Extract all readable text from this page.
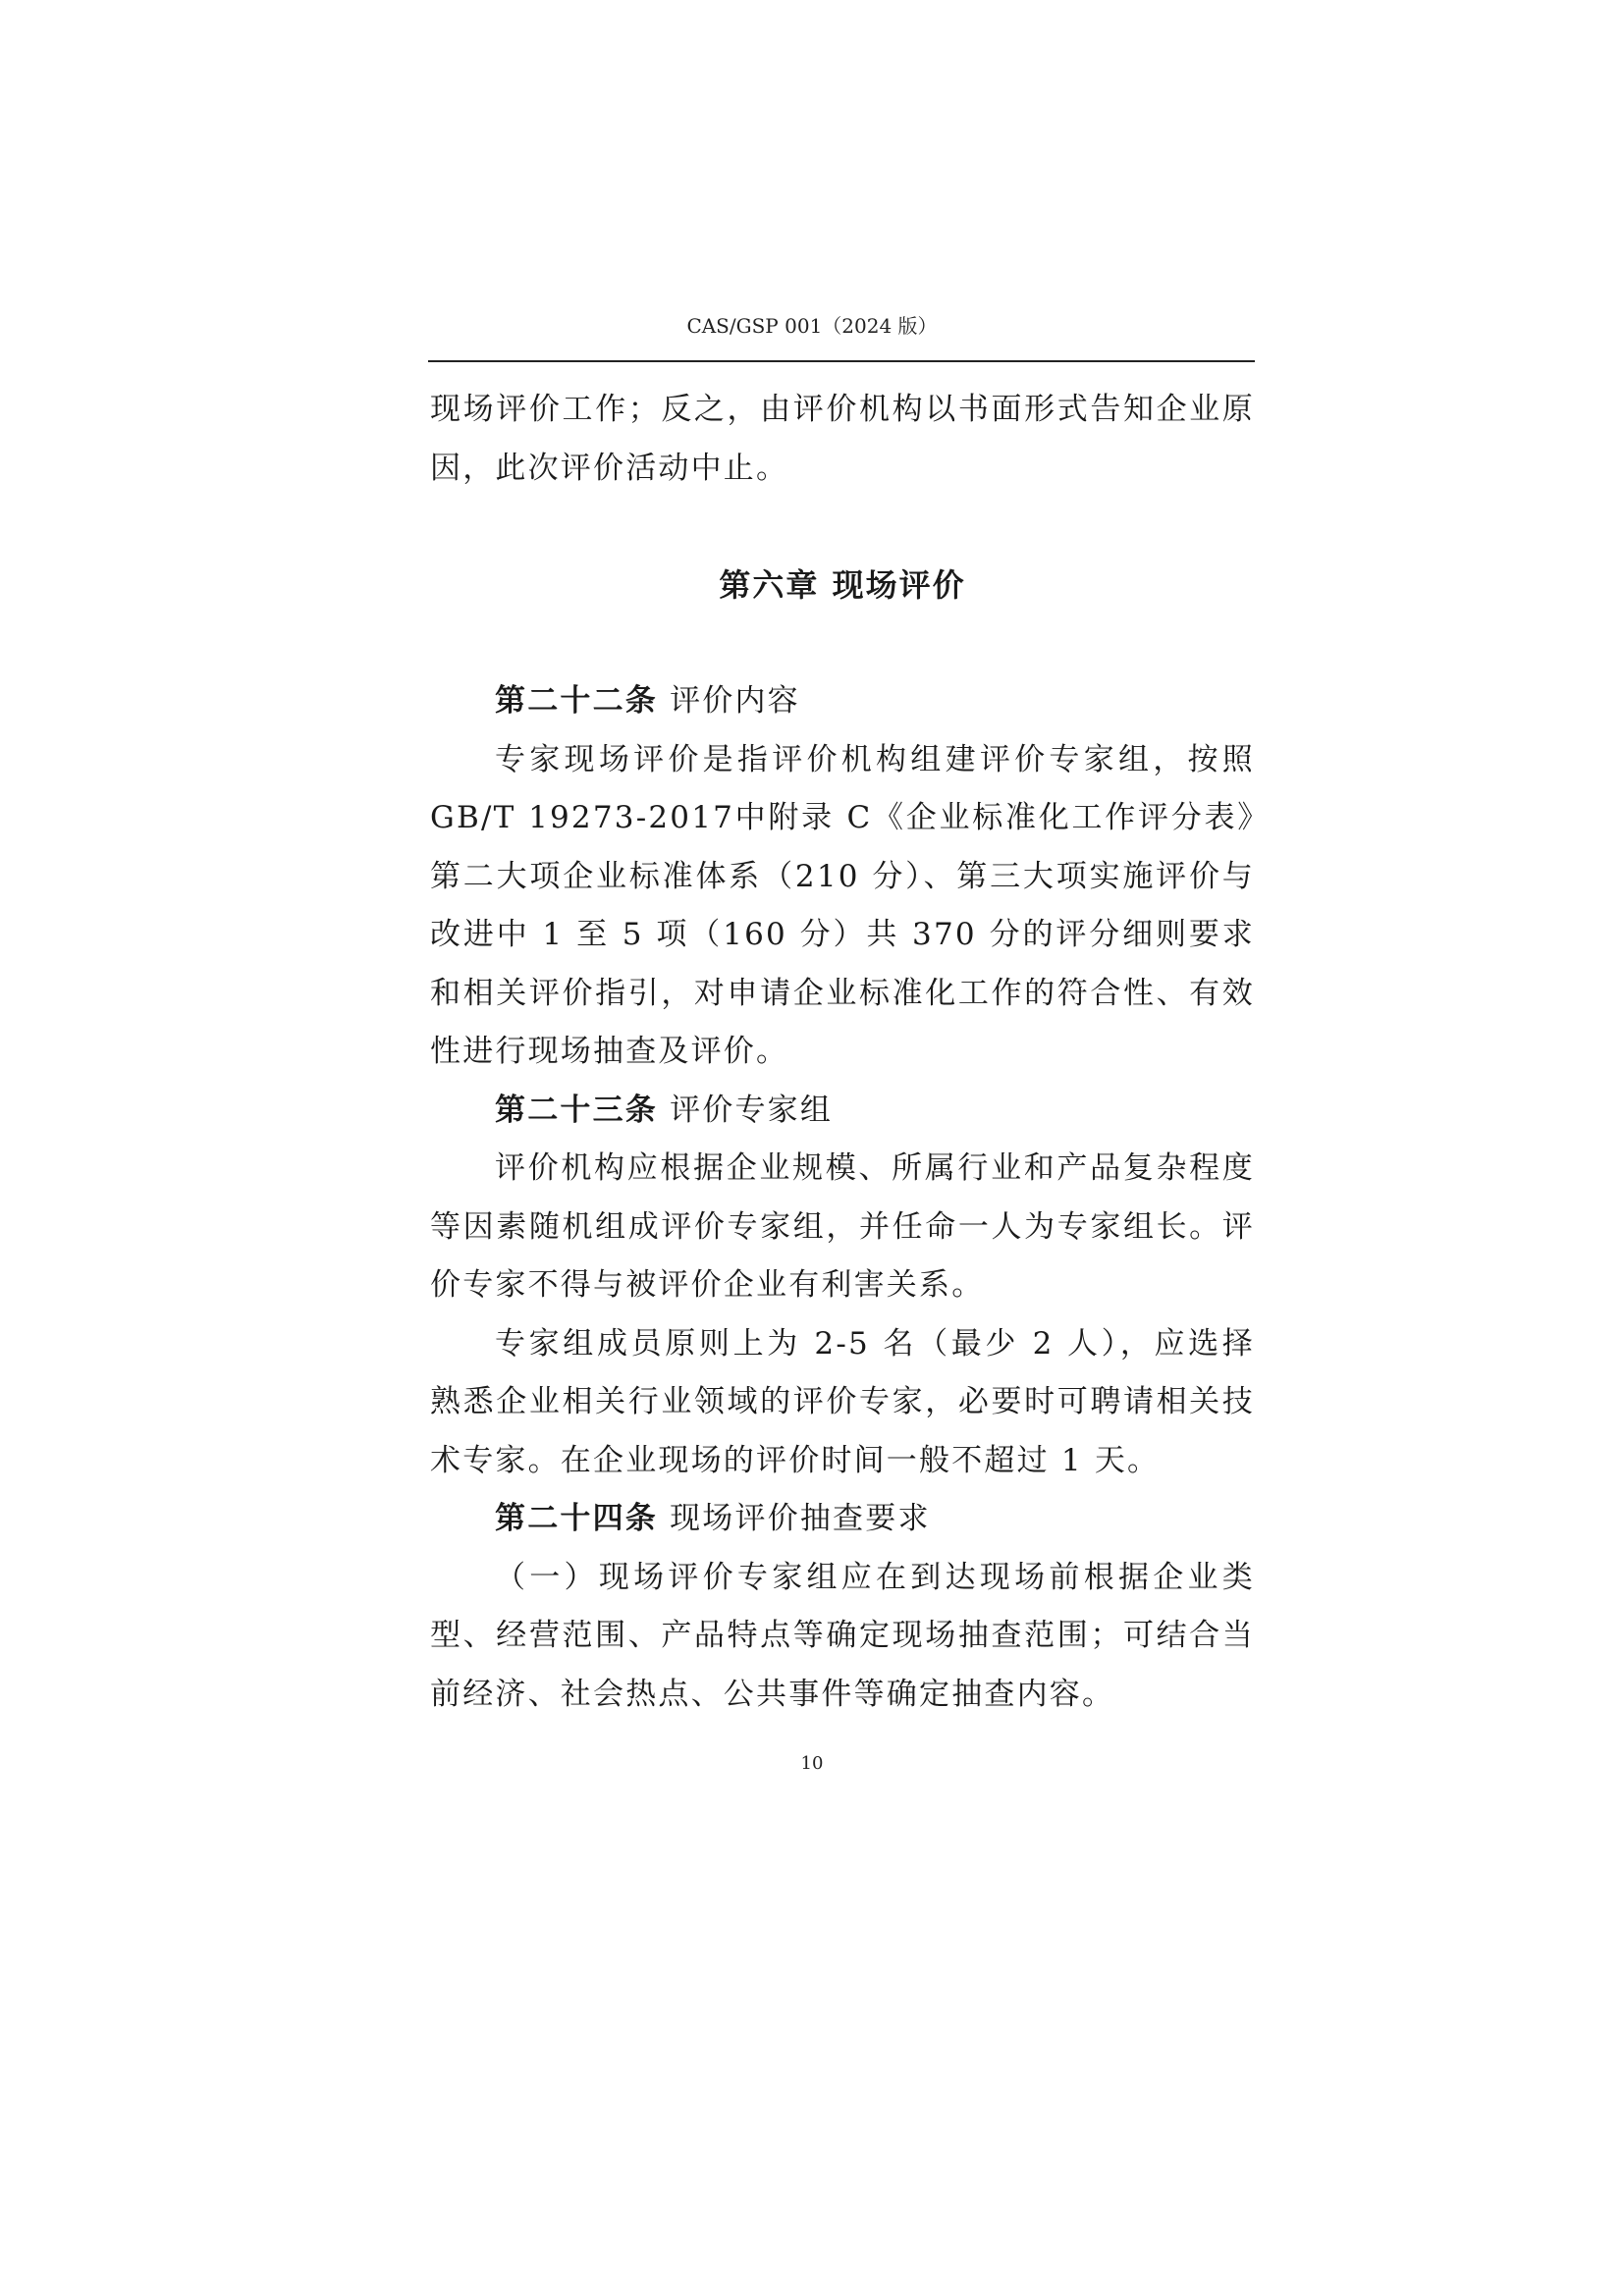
CAS/GSP 001（2024 版）

现场评价工作；反之，由评价机构以书面形式告知企业原因，此次评价活动中止。

第六章 现场评价

第二十二条 评价内容

专家现场评价是指评价机构组建评价专家组，按照GB/T 19273-2017中附录 C《企业标准化工作评分表》第二大项企业标准体系（210 分）、第三大项实施评价与改进中 1 至 5 项（160 分）共 370 分的评分细则要求和相关评价指引，对申请企业标准化工作的符合性、有效性进行现场抽查及评价。

第二十三条 评价专家组

评价机构应根据企业规模、所属行业和产品复杂程度等因素随机组成评价专家组，并任命一人为专家组长。评价专家不得与被评价企业有利害关系。

专家组成员原则上为 2-5 名（最少 2 人），应选择熟悉企业相关行业领域的评价专家，必要时可聘请相关技术专家。在企业现场的评价时间一般不超过 1 天。

第二十四条 现场评价抽查要求

（一）现场评价专家组应在到达现场前根据企业类型、经营范围、产品特点等确定现场抽查范围；可结合当前经济、社会热点、公共事件等确定抽查内容。

10
